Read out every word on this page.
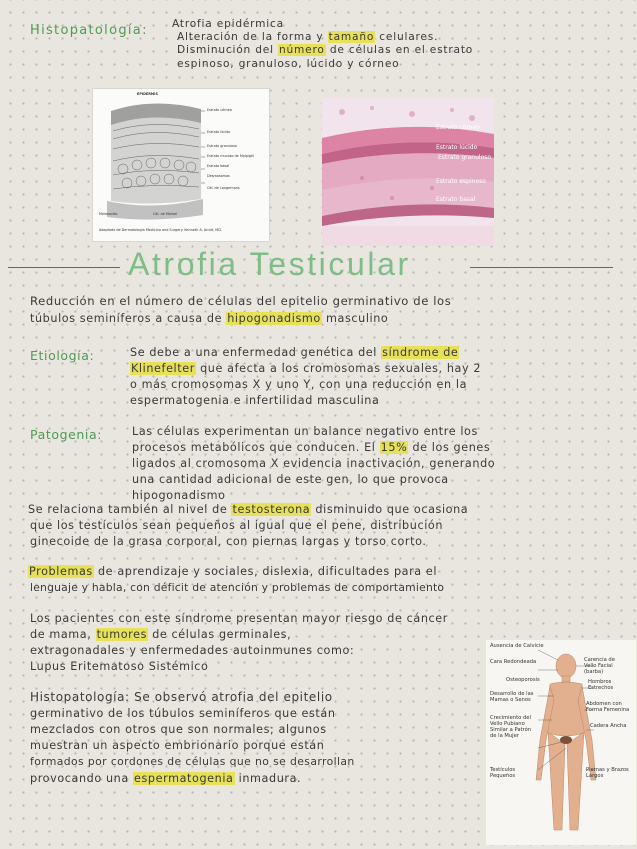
Histopatología: Atrofia epidérmica
Alteración de la forma y tamaño celulares.
Disminución del número de células en el estrato
espinoso, granuloso, lúcido y córneo
EPIDERMIS
Estrato córneo
Estrato lúcido
Estrato granuloso
Estrato mucoso de Malpighi
Estrato basal
Desmosomas
Cél. de Langerhans
Melanocito	Cél. de Merkel
Adaptado de Dermatología Medicina and Surgery. Kenneth A. Arndt, MD.
Estrato córneo
Estrato lúcido
Estrato granuloso
Estrato espinoso
Estrato basal
Atrofia Testicular
Reducción en el número de células del epitelio germinativo de los
túbulos seminíferos a causa de hipogonadismo masculino
Etiología:	Se debe a una enfermedad genética del síndrome de
Klinefelter que afecta a los cromosomas sexuales, hay 2
o más cromosomas X y uno Y, con una reducción en la
espermatogenia e infertilidad masculina
Patogenia:	Las células experimentan un balance negativo entre los
procesos metabólicos que conducen. El 15% de los genes
ligados al cromosoma X evidencia inactivación, generando
una cantidad adicional de este gen, lo que provoca
hipogonadismo
Se relaciona también al nivel de testosterona disminuido que ocasiona
que los testículos sean pequeños al igual que el pene, distribución
ginecoide de la grasa corporal, con piernas largas y torso corto.
Problemas de aprendizaje y sociales, dislexia, dificultades para el
lenguaje y habla, con déficit de atención y problemas de comportamiento
Los pacientes con este síndrome presentan mayor riesgo de cáncer
de mama, tumores de células germinales,
extragonadales y enfermedades autoinmunes como:
Lupus Eritematoso Sistémico
Histopatología: Se observó atrofia del epitelio
germinativo de los túbulos seminíferos que están
mezclados con otros que son normales; algunos
muestran un aspecto embrionario porque están
formados por cordones de células que no se desarrollan
provocando una espermatogenia inmadura.
Ausencia de Calvicie
Cara Redondeada
Osteoporosis
Desarrollo de las Mamas o Senos
Crecimiento del Vello Pubiano Similar a Patrón de la Mujer
Testículos Pequeños
Carencia de Vello Facial (barba)
Hombros Estrechos
Abdomen con Forma Femenina
Cadera Ancha
Piernas y Brazos Largos
